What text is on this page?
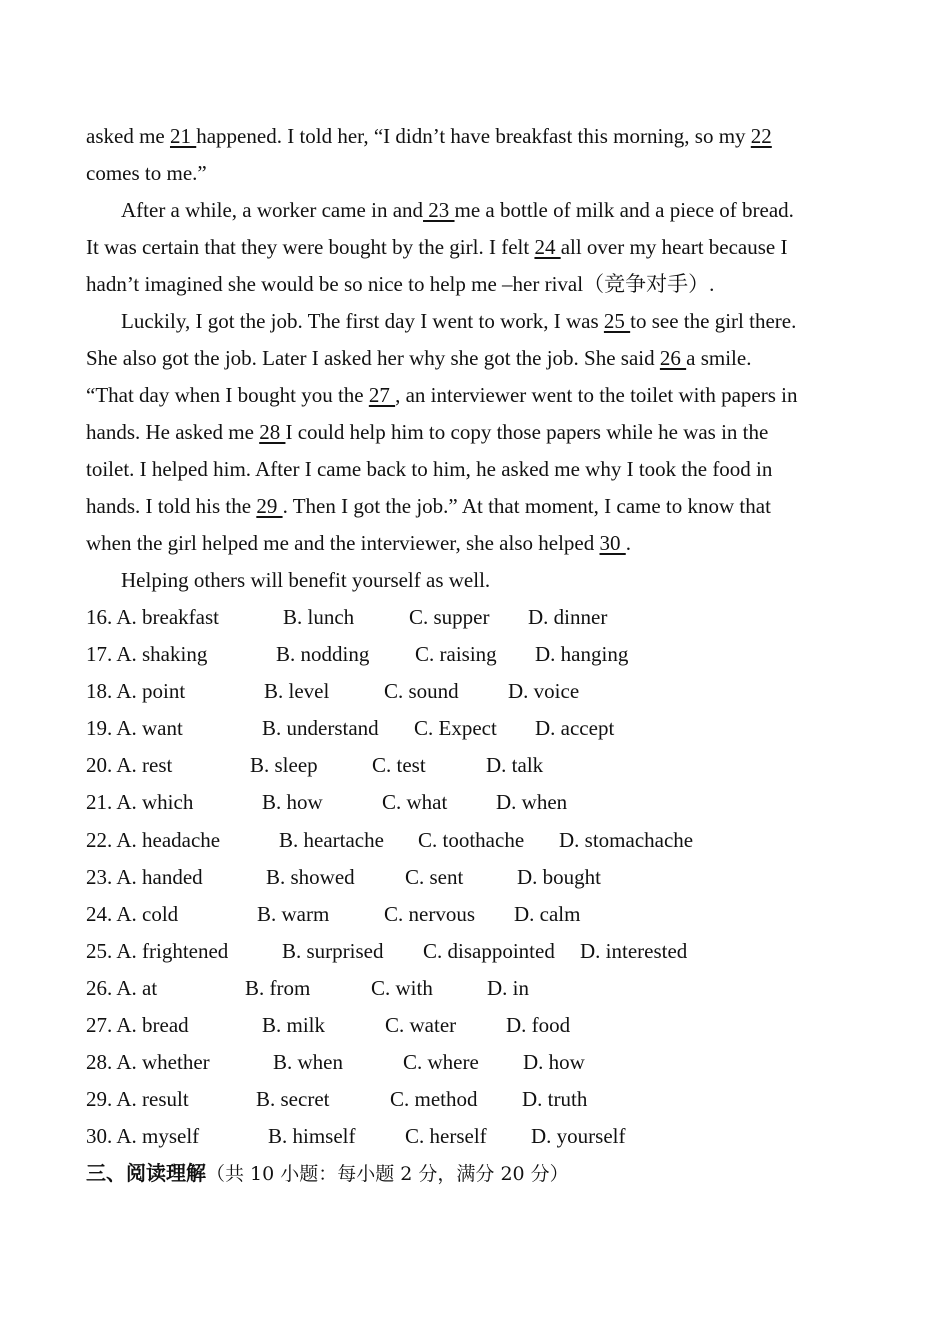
asked me 21 happened. I told her, “I didn’t have breakfast this morning, so my 22
comes to me.”
After a while, a worker came in and 23 me a bottle of milk and a piece of bread.
It was certain that they were bought by the girl. I felt 24 all over my heart because I
hadn’t imagined she would be so nice to help me –her rival（竞争对手）.
Luckily, I got the job. The first day I went to work, I was 25 to see the girl there.
She also got the job. Later I asked her why she got the job. She said 26 a smile.
“That day when I bought you the 27 , an interviewer went to the toilet with papers in
hands. He asked me 28 I could help him to copy those papers while he was in the
toilet. I helped him. After I came back to him, he asked me why I took the food in
hands. I told his the 29 . Then I got the job.” At that moment, I came to know that
when the girl helped me and the interviewer, she also helped 30 .
Helping others will benefit yourself as well.
16. A. breakfast	B. lunch	C. supper D. dinner
17. A. shaking	B. nodding C. raising D. hanging
18. A. point	B. level	C. sound D. voice
19. A. want	B. understand C. Expect D. accept
20. A. rest	B. sleep	C. test	D. talk
21. A. which	B. how	C. what D. when
22. A. headache	B. heartache C. toothache D. stomachache
23. A. handed	B. showed C. sent	D. bought
24. A. cold	B. warm	C. nervous D. calm
25. A. frightened	B. surprised C. disappointed D. interested
26. A. at	B. from	C. with	D. in
27. A. bread	B. milk	C. water D. food
28. A. whether	B. when	C. where D. how
29. A. result	B. secret	C. method D. truth
30. A. myself	B. himself C. herself D. yourself
三、阅读理解（共 10 小题：每小题 2 分，满分 20 分）
